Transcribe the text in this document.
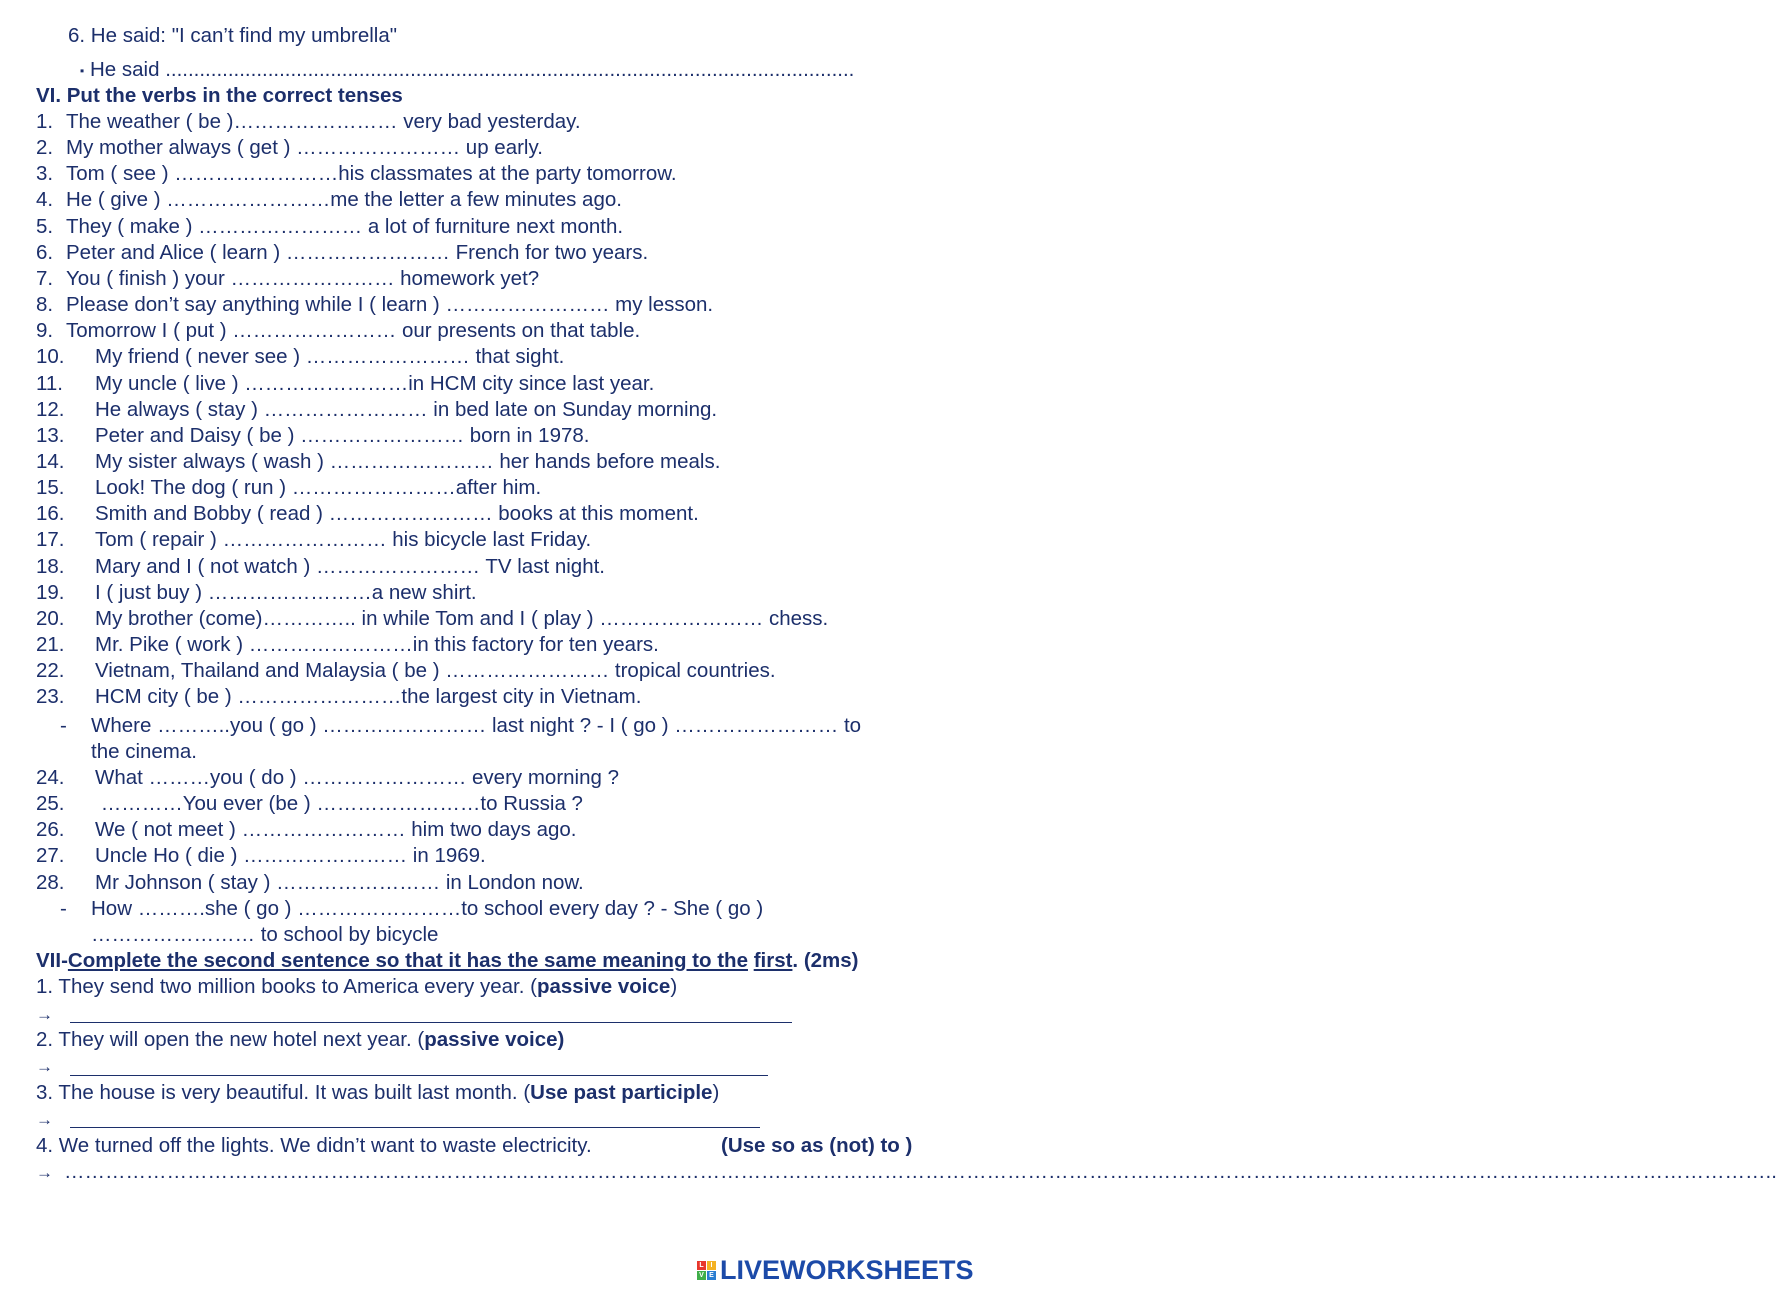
6. He said: "I can’t find my umbrella"
▪ He said .........................................................................................................................
VI. Put the verbs in the correct tenses
1. The weather ( be )…………………… very bad yesterday.
2. My mother always ( get ) …………………… up early.
3. Tom ( see ) ……………………his classmates at the party tomorrow.
4. He ( give ) ……………………me the letter a few minutes ago.
5. They ( make ) …………………… a lot of furniture next month.
6. Peter and Alice ( learn ) …………………… French for two years.
7. You ( finish ) your …………………… homework yet?
8. Please don’t say anything while I ( learn ) …………………… my lesson.
9. Tomorrow I ( put ) …………………… our presents on that table.
10. My friend ( never see ) …………………… that sight.
11. My uncle ( live ) ……………………in HCM city since last year.
12. He always ( stay ) …………………… in bed late on Sunday morning.
13. Peter and Daisy ( be ) …………………… born in 1978.
14. My sister always ( wash ) …………………… her hands before meals.
15. Look! The dog ( run ) ……………………after him.
16. Smith and Bobby ( read ) …………………… books at this moment.
17. Tom ( repair ) …………………… his bicycle last Friday.
18. Mary and I ( not watch ) …………………… TV last night.
19. I ( just buy ) ……………………a new shirt.
20. My brother (come)………….. in while Tom and I ( play ) …………………… chess.
21. Mr. Pike ( work ) ……………………in this factory for ten years.
22. Vietnam, Thailand and Malaysia ( be ) …………………… tropical countries.
23. HCM city ( be ) ……………………the largest city in Vietnam.
- Where ………..you ( go ) …………………… last night ? - I ( go ) …………………… to
the cinema.
24. What ………you ( do ) …………………… every morning ?
25. …………You ever (be ) ……………………to Russia ?
26. We ( not meet ) …………………… him two days ago.
27. Uncle Ho ( die ) …………………… in 1969.
28. Mr Johnson ( stay ) …………………… in London now.
- How ……….she ( go ) ……………………to school every day ? - She ( go )
…………………… to school by bicycle
VII-Complete the second sentence so that it has the same meaning to the first. (2ms)
1. They send two million books to America every year. (passive voice)
→
2. They will open the new hotel next year. (passive voice)
→
3. The house is very beautiful. It was built last month. (Use past participle)
→
4. We turned off the lights. We didn’t want to waste electricity.	(Use so as (not) to )
→ ……………………………………………………………………………………………………………………………………………………………………………………………………………………………..
L I
V E LIVEWORKSHEETS
